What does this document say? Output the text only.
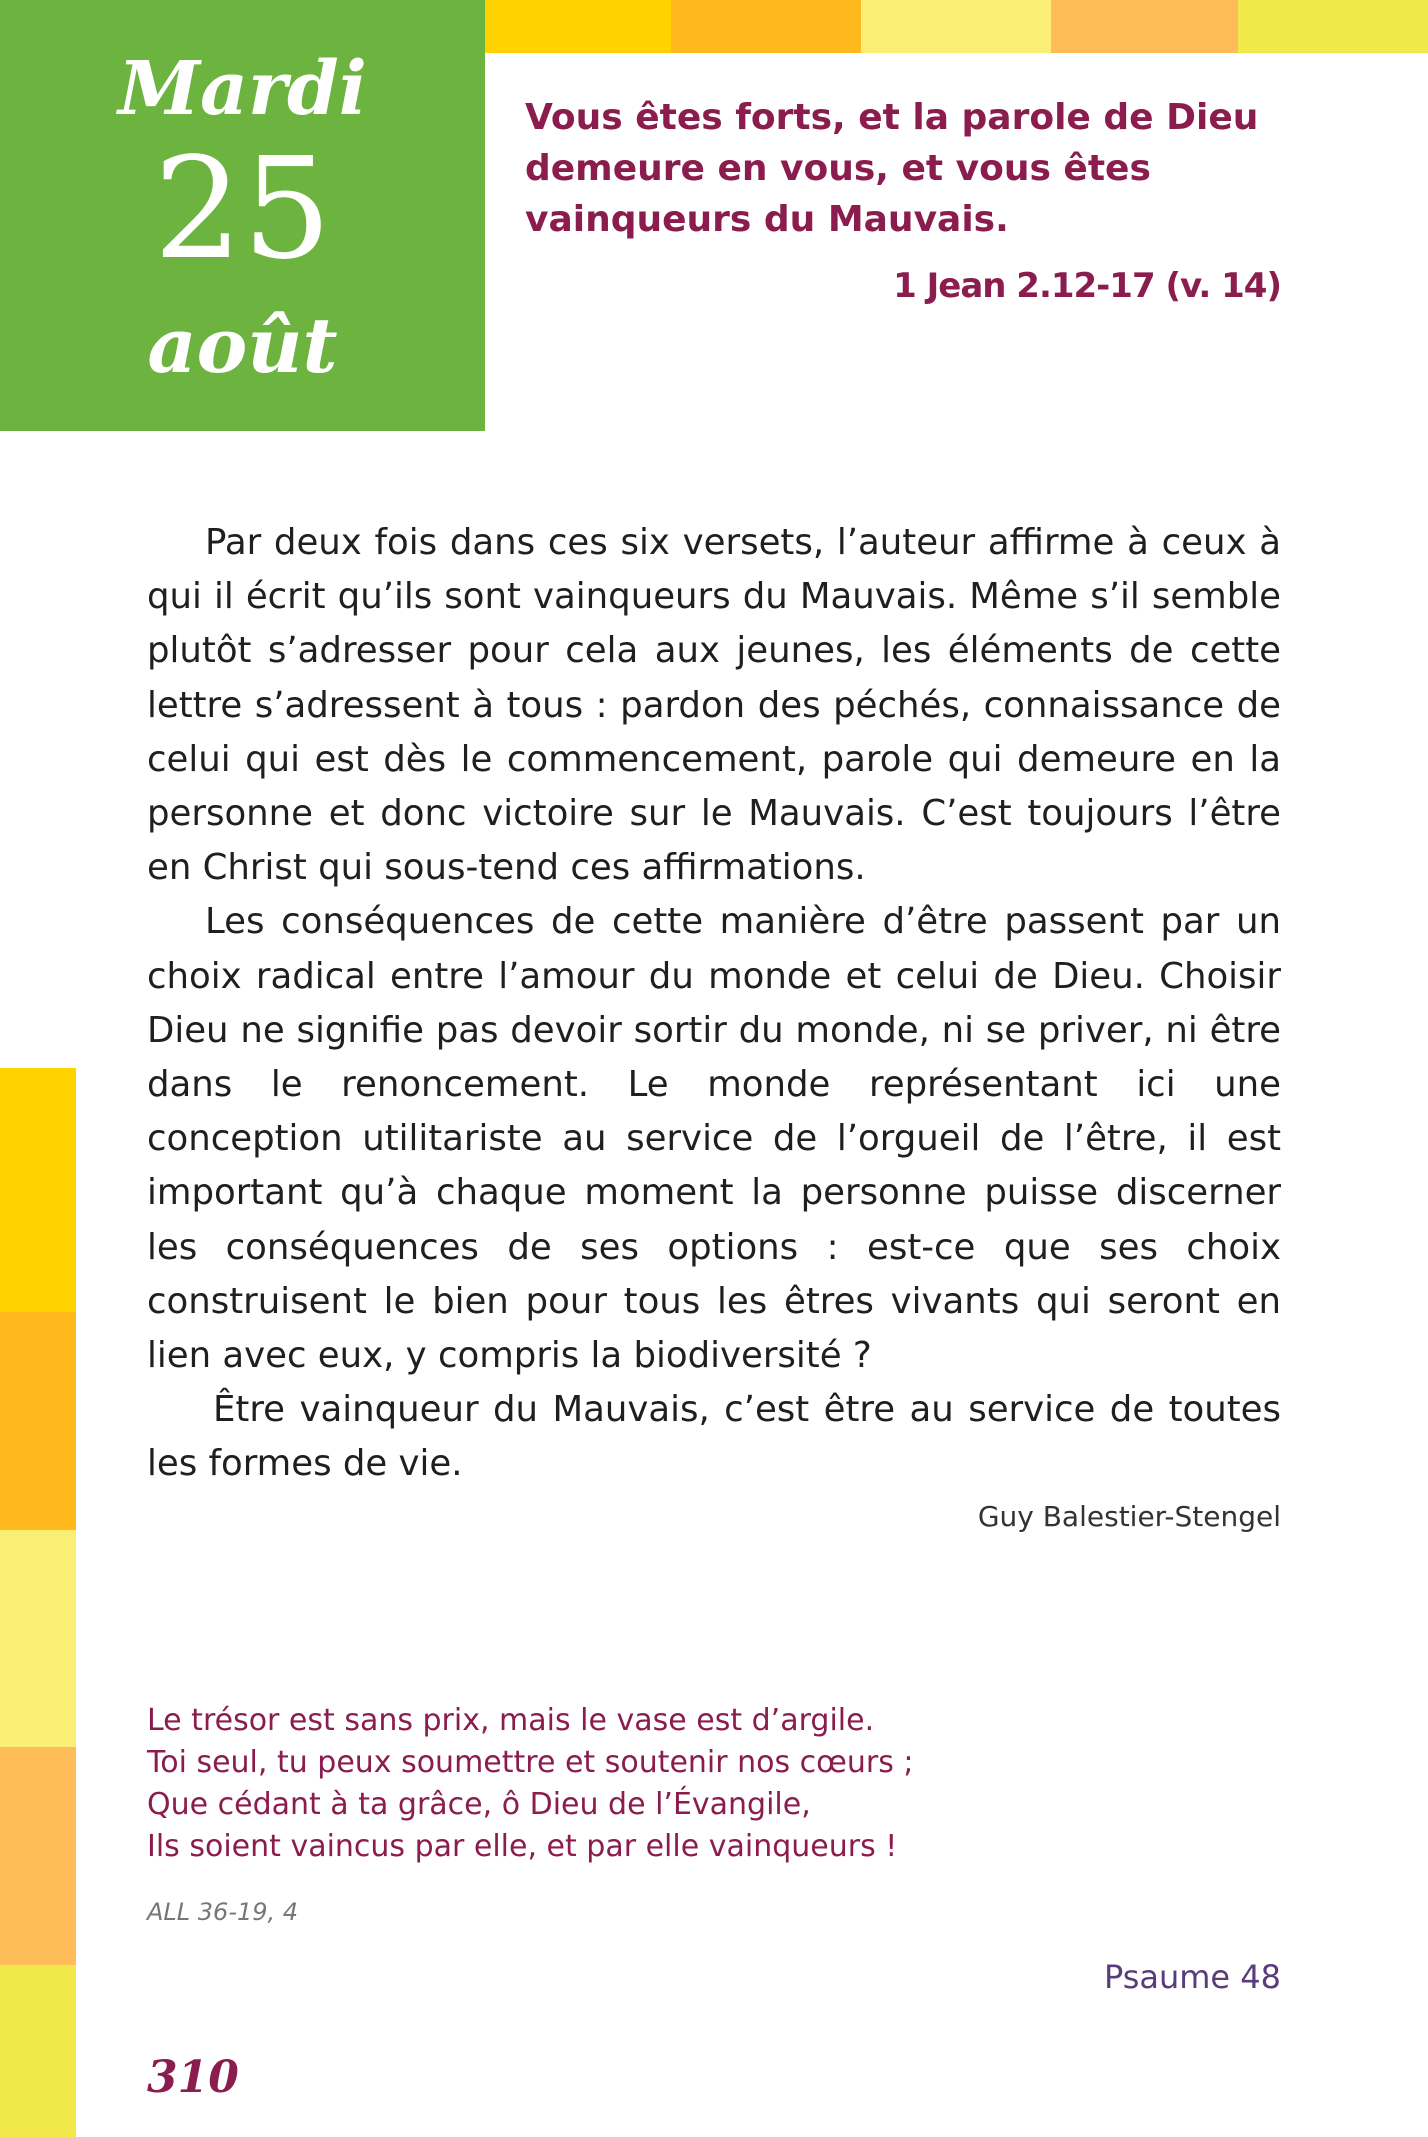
Mardi
25
août
Vous êtes forts, et la parole de Dieu
demeure en vous, et vous êtes
vainqueurs du Mauvais.
1 Jean 2.12-17 (v. 14)

Par deux fois dans ces six versets, l’auteur affirme à ceux à qui il écrit qu’ils sont vainqueurs du Mauvais. Même s’il semble plutôt s’adresser pour cela aux jeunes, les éléments de cette lettre s’adressent à tous : pardon des péchés, connaissance de celui qui est dès le commencement, parole qui demeure en la personne et donc victoire sur le Mauvais. C’est toujours l’être en Christ qui sous-tend ces affirmations.

Les conséquences de cette manière d’être passent par un choix radical entre l’amour du monde et celui de Dieu. Choisir Dieu ne signifie pas devoir sortir du monde, ni se priver, ni être dans le renoncement. Le monde représentant ici une conception utilitariste au service de l’orgueil de l’être, il est important qu’à chaque moment la personne puisse discerner les conséquences de ses options : est-ce que ses choix construisent le bien pour tous les êtres vivants qui seront en lien avec eux, y compris la biodiversité ?

Être vainqueur du Mauvais, c’est être au service de toutes les formes de vie.

Guy Balestier-Stengel
Le trésor est sans prix, mais le vase est d’argile.
Toi seul, tu peux soumettre et soutenir nos cœurs ;
Que cédant à ta grâce, ô Dieu de l’Évangile,
Ils soient vaincus par elle, et par elle vainqueurs !
ALL 36-19, 4
Psaume 48
310
